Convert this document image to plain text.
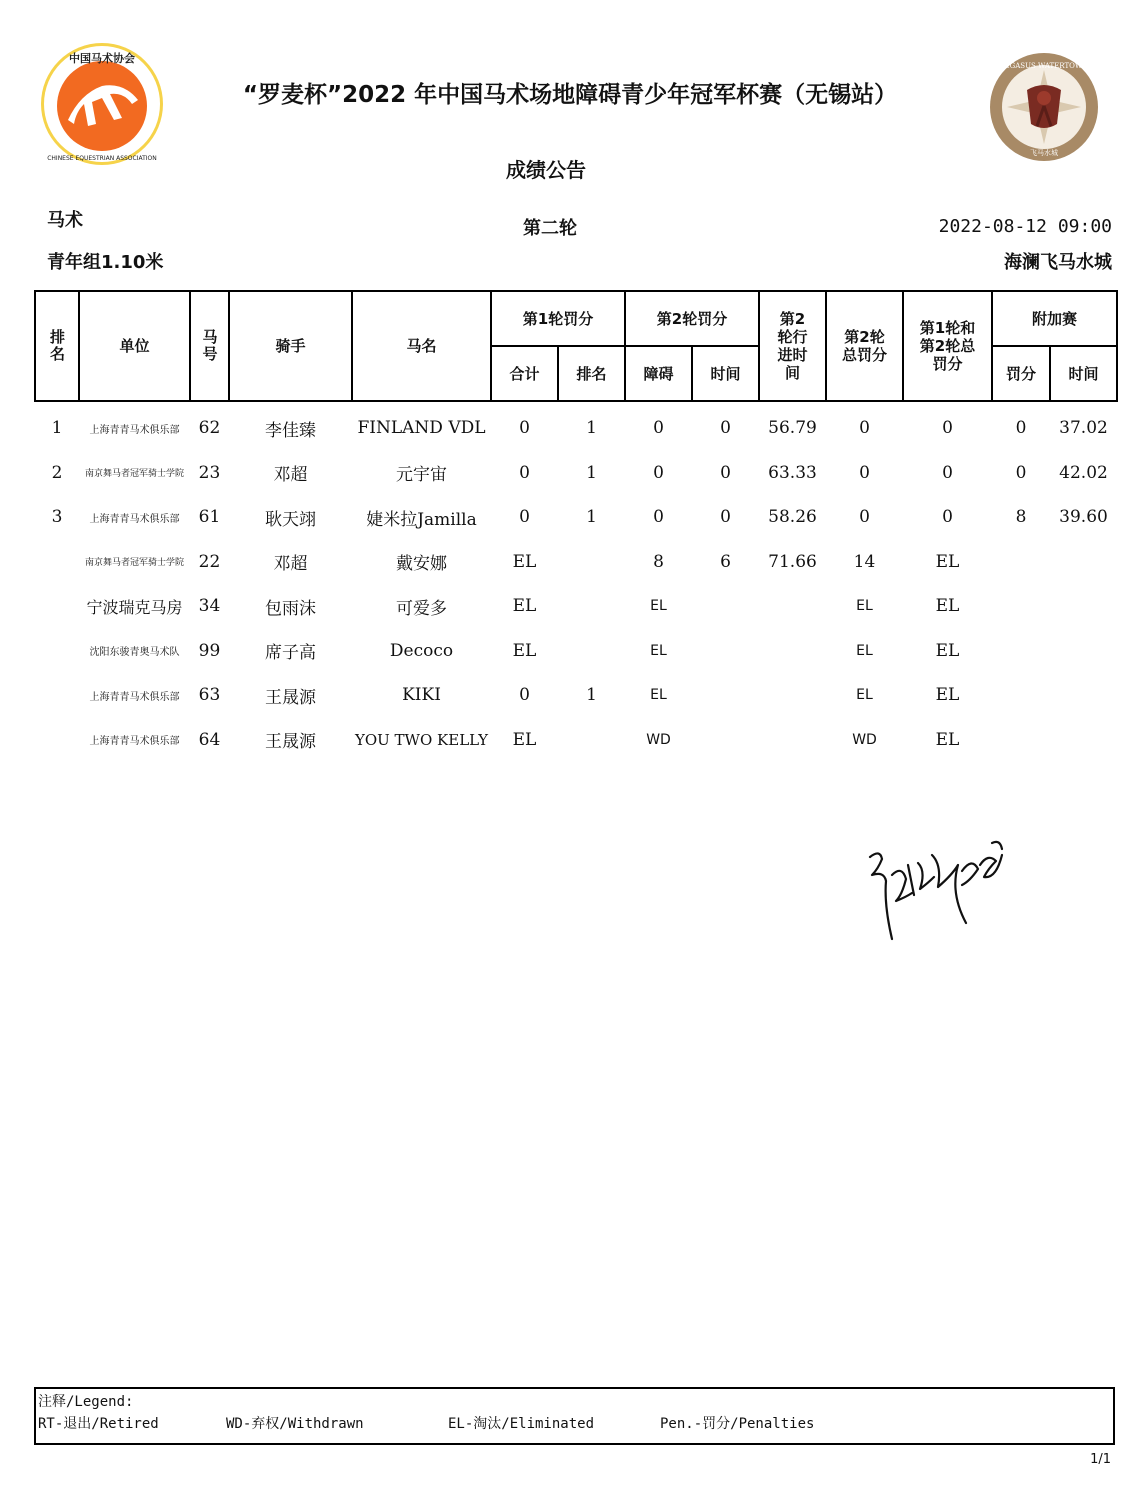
中国马术协会
CHINESE EQUESTRIAN ASSOCIATION
PEGASUS WATERTOWN
飞马水城
“罗麦杯”2022 年中国马术场地障碍青少年冠军杯赛（无锡站）
成绩公告
马术
青年组1.10米
第二轮	2022-08-12 09:00
海澜飞马水城
排名	单位	马号	骑手	马名	第1轮罚分		第2轮罚分		第2轮行进时间	第2轮总罚分	第1轮和第2轮总罚分	附加赛	
					合计	排名	障碍	时间				罚分	时间
1	上海青青马术俱乐部	62	李佳臻	FINLAND VDL	0	1	0	0	56.79	0	0	0	37.02
2	南京舞马者冠军骑士学院	23	邓超	元宇宙	0	1	0	0	63.33	0	0	0	42.02
3	上海青青马术俱乐部	61	耿天翊	婕米拉Jamilla	0	1	0	0	58.26	0	0	8	39.60
	南京舞马者冠军骑士学院	22	邓超	戴安娜	EL		8	6	71.66	14	EL		
	宁波瑞克马房	34	包雨沫	可爱多	EL		EL			EL	EL		
	沈阳东骏青奥马术队	99	席子高	Decoco	EL		EL			EL	EL		
	上海青青马术俱乐部	63	王晟源	KIKI	0	1	EL			EL	EL		
	上海青青马术俱乐部	64	王晟源	YOU TWO KELLY	EL		WD			WD	EL		
注释/Legend:
RT-退出/Retired	WD-弃权/Withdrawn	EL-淘汰/Eliminated	Pen.-罚分/Penalties
1/1
